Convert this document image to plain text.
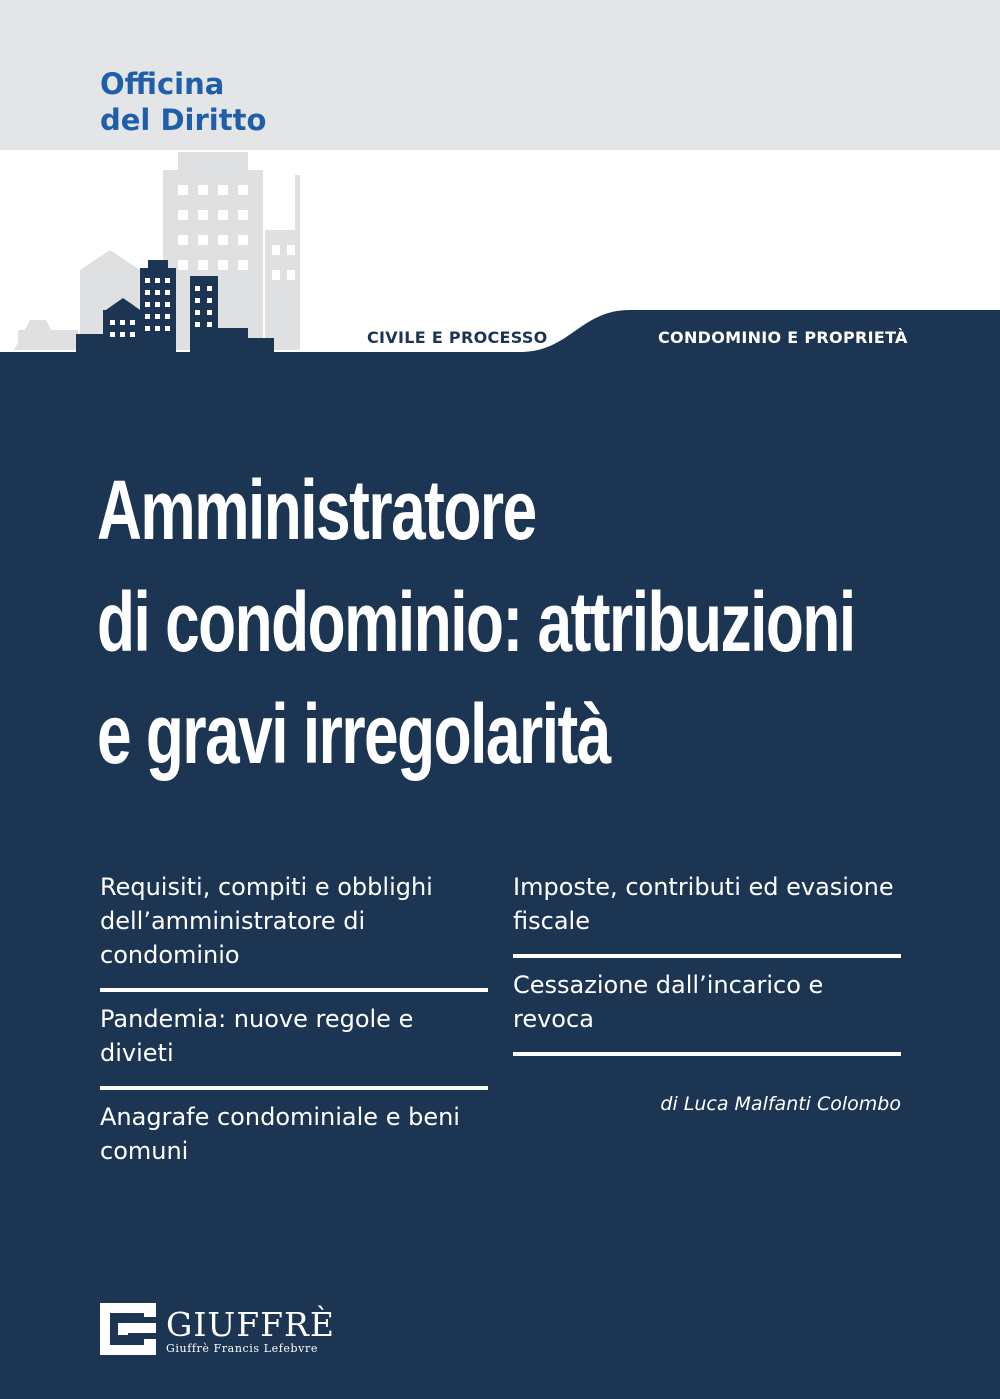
Officina
del Diritto
CIVILE E PROCESSO	CONDOMINIO E PROPRIETÀ
Amministratore
di condominio: attribuzioni
e gravi irregolarità
Requisiti, compiti e obblighi dell’amministratore di condominio
Pandemia: nuove regole e divieti
Anagrafe condominiale e beni comuni
Imposte, contributi ed evasione fiscale
Cessazione dall’incarico e revoca
di Luca Malfanti Colombo
GIUFFRÈ
Giuffrè Francis Lefebvre
